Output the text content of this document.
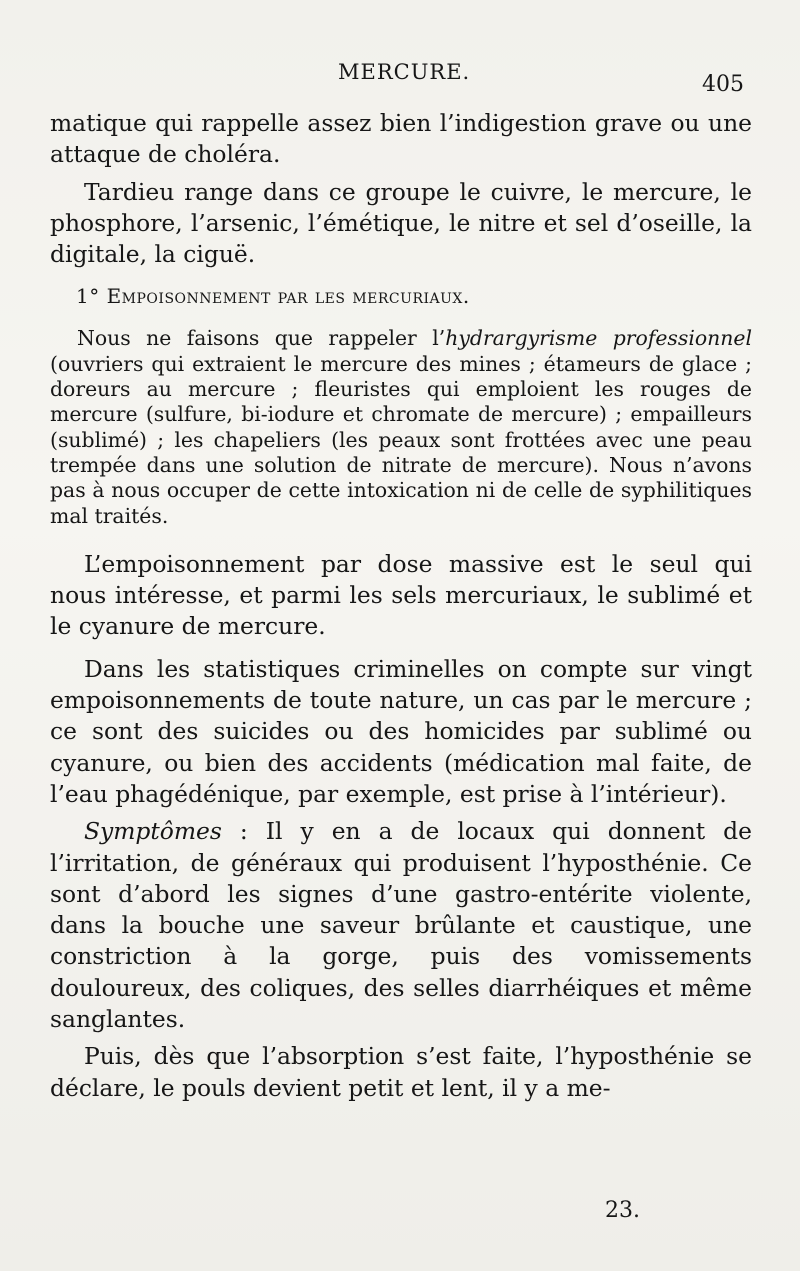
MERCURE.	405

matique qui rappelle assez bien l’indigestion grave ou une attaque de choléra.

Tardieu range dans ce groupe le cuivre, le mercure, le phosphore, l’arsenic, l’émétique, le nitre et sel d’oseille, la digitale, la ciguë.

1° Empoisonnement par les mercuriaux.

Nous ne faisons que rappeler l’hydrargyrisme professionnel (ouvriers qui extraient le mercure des mines ; étameurs de glace ; doreurs au mercure ; fleuristes qui emploient les rouges de mercure (sulfure, bi-iodure et chromate de mercure) ; empailleurs (sublimé) ; les chapeliers (les peaux sont frottées avec une peau trempée dans une solution de nitrate de mercure). Nous n’avons pas à nous occuper de cette intoxication ni de celle de syphilitiques mal traités.

L’empoisonnement par dose massive est le seul qui nous intéresse, et parmi les sels mercuriaux, le sublimé et le cyanure de mercure.

Dans les statistiques criminelles on compte sur vingt empoisonnements de toute nature, un cas par le mercure ; ce sont des suicides ou des homicides par sublimé ou cyanure, ou bien des accidents (médication mal faite, de l’eau phagédénique, par exemple, est prise à l’intérieur).

Symptômes : Il y en a de locaux qui donnent de l’irritation, de généraux qui produisent l’hyposthénie. Ce sont d’abord les signes d’une gastro-entérite violente, dans la bouche une saveur brûlante et caustique, une constriction à la gorge, puis des vomissements douloureux, des coliques, des selles diarrhéiques et même sanglantes.

Puis, dès que l’absorption s’est faite, l’hyposthénie se déclare, le pouls devient petit et lent, il y a me-

23.
